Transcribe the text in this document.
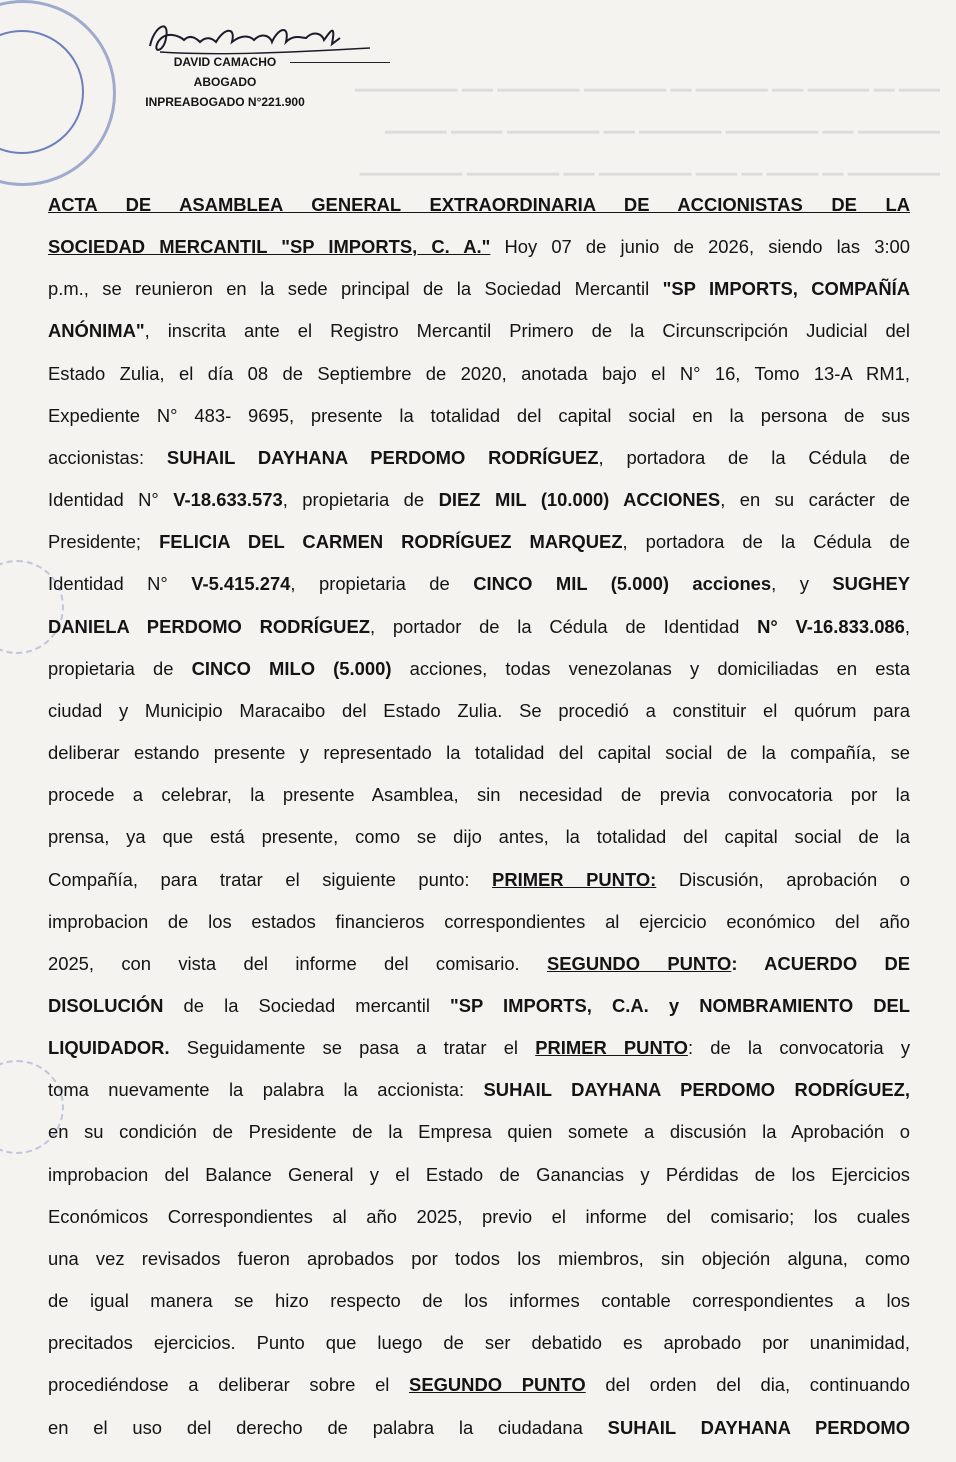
━━━━ ━━ ━━━━━━ ━━━ ━━━━━━━ ━━ ━━━━━━━━ ━━━━━━━━ ━━━ ━━━━━━━━━━
━━━━━━━━ ━━━ ━━━━━━━━━ ━━━━━━━━ ━━━ ━━━━━━━━━ ━━━━━ ━━━━━━
━━━━━━━━━ ━━ ━━━━━ ━━ ━━━━ ━━━━━━━━━ ━━━ ━━━━━━━━━ ━━━━━━━━━━
DAVID CAMACHO
ABOGADO
INPREABOGADO N°221.900
ACTA DE ASAMBLEA GENERAL EXTRAORDINARIA DE ACCIONISTAS DE LA
SOCIEDAD MERCANTIL "SP IMPORTS, C. A." Hoy 07 de junio de 2026, siendo las 3:00
p.m., se reunieron en la sede principal de la Sociedad Mercantil "SP IMPORTS, COMPAÑÍA
ANÓNIMA", inscrita ante el Registro Mercantil Primero de la Circunscripción Judicial del
Estado Zulia, el día 08 de Septiembre de 2020, anotada bajo el N° 16, Tomo 13-A RM1,
Expediente N° 483- 9695, presente la totalidad del capital social en la persona de sus
accionistas: SUHAIL DAYHANA PERDOMO RODRÍGUEZ, portadora de la Cédula de
Identidad N° V-18.633.573, propietaria de DIEZ MIL (10.000) ACCIONES, en su carácter de
Presidente; FELICIA DEL CARMEN RODRÍGUEZ MARQUEZ, portadora de la Cédula de
Identidad N° V-5.415.274, propietaria de CINCO MIL (5.000) acciones, y SUGHEY
DANIELA PERDOMO RODRÍGUEZ, portador de la Cédula de Identidad N° V-16.833.086,
propietaria de CINCO MILO (5.000) acciones, todas venezolanas y domiciliadas en esta
ciudad y Municipio Maracaibo del Estado Zulia. Se procedió a constituir el quórum para
deliberar estando presente y representado la totalidad del capital social de la compañía, se
procede a celebrar, la presente Asamblea, sin necesidad de previa convocatoria por la
prensa, ya que está presente, como se dijo antes, la totalidad del capital social de la
Compañía, para tratar el siguiente punto: PRIMER PUNTO: Discusión, aprobación o
improbacion de los estados financieros correspondientes al ejercicio económico del año
2025, con vista del informe del comisario. SEGUNDO PUNTO: ACUERDO DE
DISOLUCIÓN de la Sociedad mercantil "SP IMPORTS, C.A. y NOMBRAMIENTO DEL
LIQUIDADOR. Seguidamente se pasa a tratar el PRIMER PUNTO: de la convocatoria y
toma nuevamente la palabra la accionista: SUHAIL DAYHANA PERDOMO RODRÍGUEZ,
en su condición de Presidente de la Empresa quien somete a discusión la Aprobación o
improbacion del Balance General y el Estado de Ganancias y Pérdidas de los Ejercicios
Económicos Correspondientes al año 2025, previo el informe del comisario; los cuales
una vez revisados fueron aprobados por todos los miembros, sin objeción alguna, como
de igual manera se hizo respecto de los informes contable correspondientes a los
precitados ejercicios. Punto que luego de ser debatido es aprobado por unanimidad,
procediéndose a deliberar sobre el SEGUNDO PUNTO del orden del dia, continuando
en el uso del derecho de palabra la ciudadana SUHAIL DAYHANA PERDOMO
